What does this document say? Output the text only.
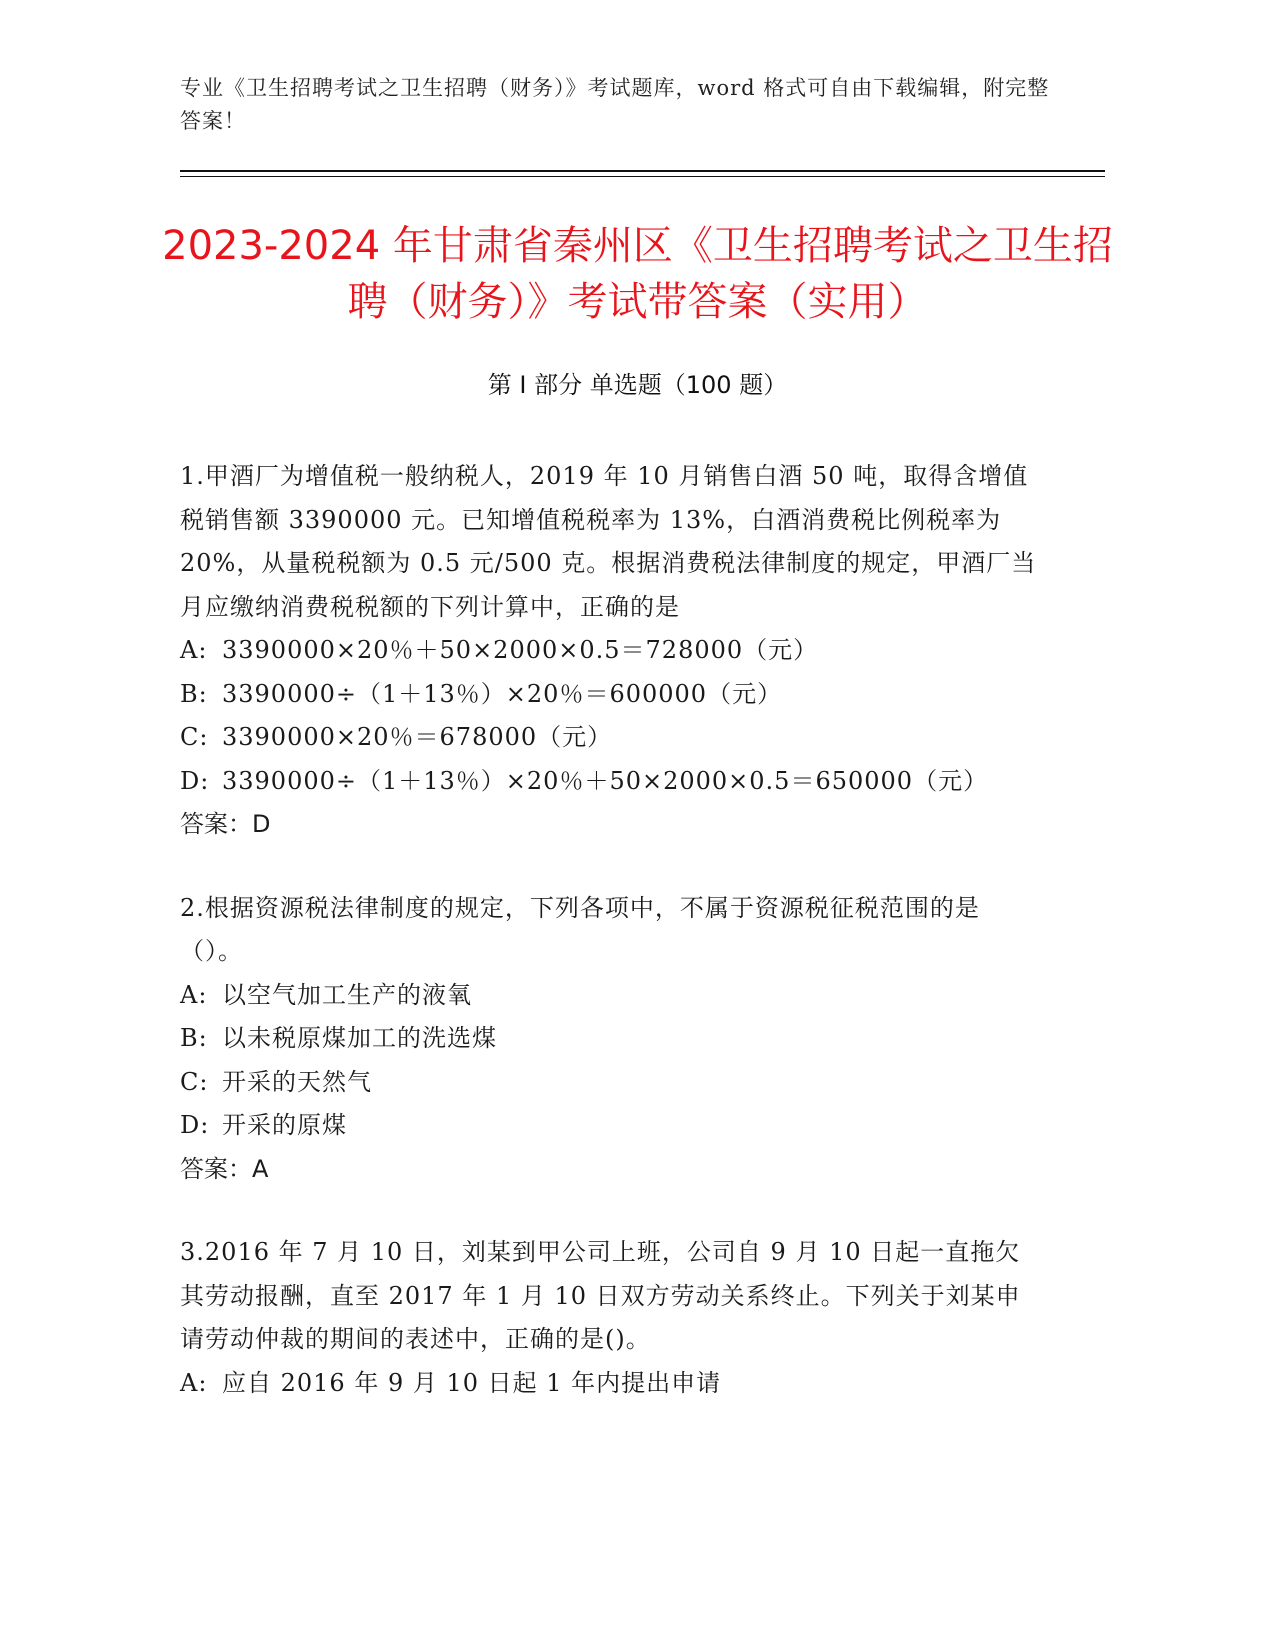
专业《卫生招聘考试之卫生招聘（财务）》考试题库，word 格式可自由下载编辑，附完整答案！
2023-2024 年甘肃省秦州区《卫生招聘考试之卫生招聘（财务）》考试带答案（实用）
第 I 部分 单选题（100 题）

1.甲酒厂为增值税一般纳税人，2019 年 10 月销售白酒 50 吨，取得含增值税销售额 3390000 元。已知增值税税率为 13%，白酒消费税比例税率为 20%，从量税税额为 0.5 元/500 克。根据消费税法律制度的规定，甲酒厂当月应缴纳消费税税额的下列计算中，正确的是

A: 3390000×20％＋50×2000×0.5＝728000（元）

B: 3390000÷（1＋13％）×20％＝600000（元）

C: 3390000×20％＝678000（元）

D: 3390000÷（1＋13％）×20％＋50×2000×0.5＝650000（元）

答案：D

2.根据资源税法律制度的规定，下列各项中，不属于资源税征税范围的是（）。

A: 以空气加工生产的液氧

B: 以未税原煤加工的洗选煤

C: 开采的天然气

D: 开采的原煤

答案：A

3.2016 年 7 月 10 日，刘某到甲公司上班，公司自 9 月 10 日起一直拖欠其劳动报酬，直至 2017 年 1 月 10 日双方劳动关系终止。下列关于刘某申请劳动仲裁的期间的表述中，正确的是()。

A: 应自 2016 年 9 月 10 日起 1 年内提出申请
